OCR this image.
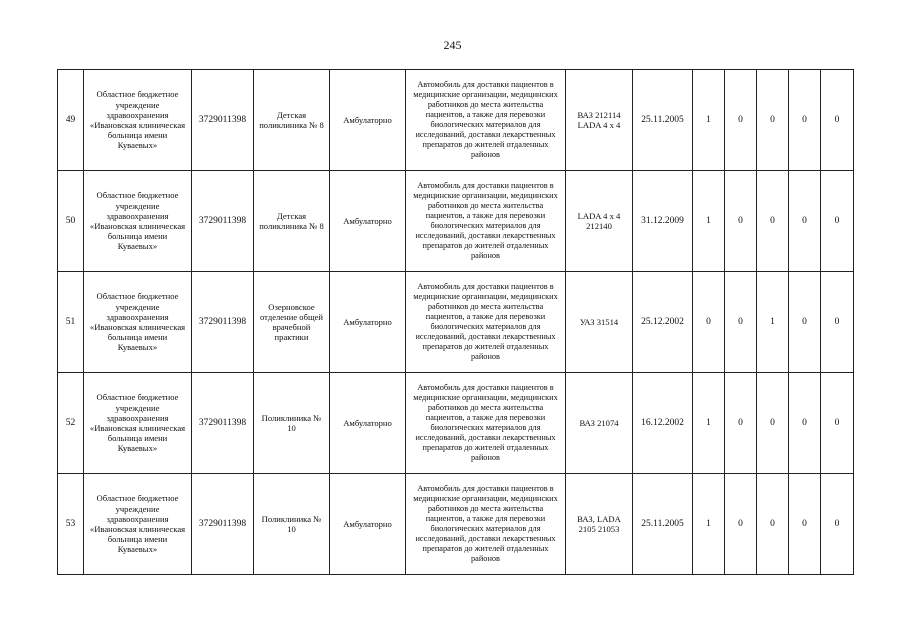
245
49	Областное бюджетное учреждение здравоохранения «Ивановская клиническая больница имени Куваевых»	3729011398	Детская поликлиника № 8	Амбулаторно	Автомобиль для доставки пациентов в медицинские организации, медицинских работников до места жительства пациентов, а также для перевозки биологических материалов для исследований, доставки лекарственных препаратов до жителей отдаленных районов	ВАЗ 212114 LADA 4 х 4	25.11.2005	1	0	0	0	0
50	Областное бюджетное учреждение здравоохранения «Ивановская клиническая больница имени Куваевых»	3729011398	Детская поликлиника № 8	Амбулаторно	Автомобиль для доставки пациентов в медицинские организации, медицинских работников до места жительства пациентов, а также для перевозки биологических материалов для исследований, доставки лекарственных препаратов до жителей отдаленных районов	LADA 4 х 4 212140	31.12.2009	1	0	0	0	0
51	Областное бюджетное учреждение здравоохранения «Ивановская клиническая больница имени Куваевых»	3729011398	Озерновское отделение общей врачебной практики	Амбулаторно	Автомобиль для доставки пациентов в медицинские организации, медицинских работников до места жительства пациентов, а также для перевозки биологических материалов для исследований, доставки лекарственных препаратов до жителей отдаленных районов	УАЗ 31514	25.12.2002	0	0	1	0	0
52	Областное бюджетное учреждение здравоохранения «Ивановская клиническая больница имени Куваевых»	3729011398	Поликлиника № 10	Амбулаторно	Автомобиль для доставки пациентов в медицинские организации, медицинских работников до места жительства пациентов, а также для перевозки биологических материалов для исследований, доставки лекарственных препаратов до жителей отдаленных районов	ВАЗ 21074	16.12.2002	1	0	0	0	0
53	Областное бюджетное учреждение здравоохранения «Ивановская клиническая больница имени Куваевых»	3729011398	Поликлиника № 10	Амбулаторно	Автомобиль для доставки пациентов в медицинские организации, медицинских работников до места жительства пациентов, а также для перевозки биологических материалов для исследований, доставки лекарственных препаратов до жителей отдаленных районов	ВАЗ, LADA 2105 21053	25.11.2005	1	0	0	0	0
